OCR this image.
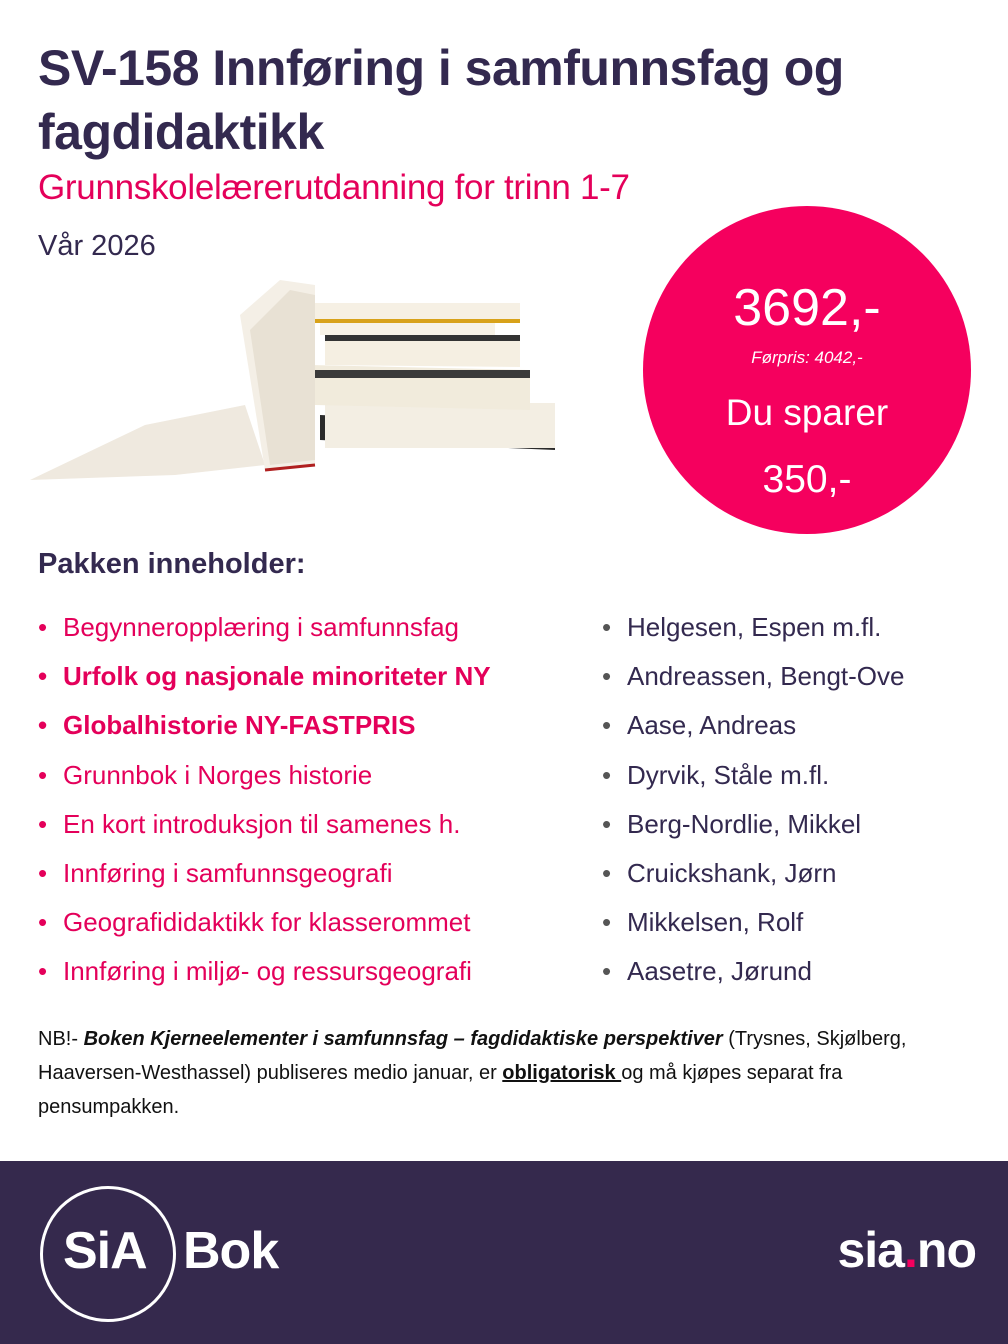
SV-158 Innføring i samfunnsfag og fagdidaktikk
Grunnskolelærerutdanning for trinn 1-7
Vår 2026
3692,-
Førpris: 4042,-
Du sparer
350,-
Pakken inneholder:
• Begynneropplæring i samfunnsfag
• Urfolk og nasjonale minoriteter NY
• Globalhistorie NY-FASTPRIS
• Grunnbok i Norges historie
• En kort introduksjon til samenes h.
• Innføring i samfunnsgeografi
• Geografididaktikk for klasserommet
• Innføring i miljø- og ressursgeografi
• Helgesen, Espen m.fl.
• Andreassen, Bengt-Ove
• Aase, Andreas
• Dyrvik, Ståle m.fl.
• Berg-Nordlie, Mikkel
• Cruickshank, Jørn
• Mikkelsen, Rolf
• Aasetre, Jørund
NB!- Boken Kjerneelementer i samfunnsfag – fagdidaktiske perspektiver (Trysnes, Skjølberg, Haaversen-Westhassel) publiseres medio januar, er obligatorisk og må kjøpes separat fra pensumpakken.
SiA Bok	sia.no
